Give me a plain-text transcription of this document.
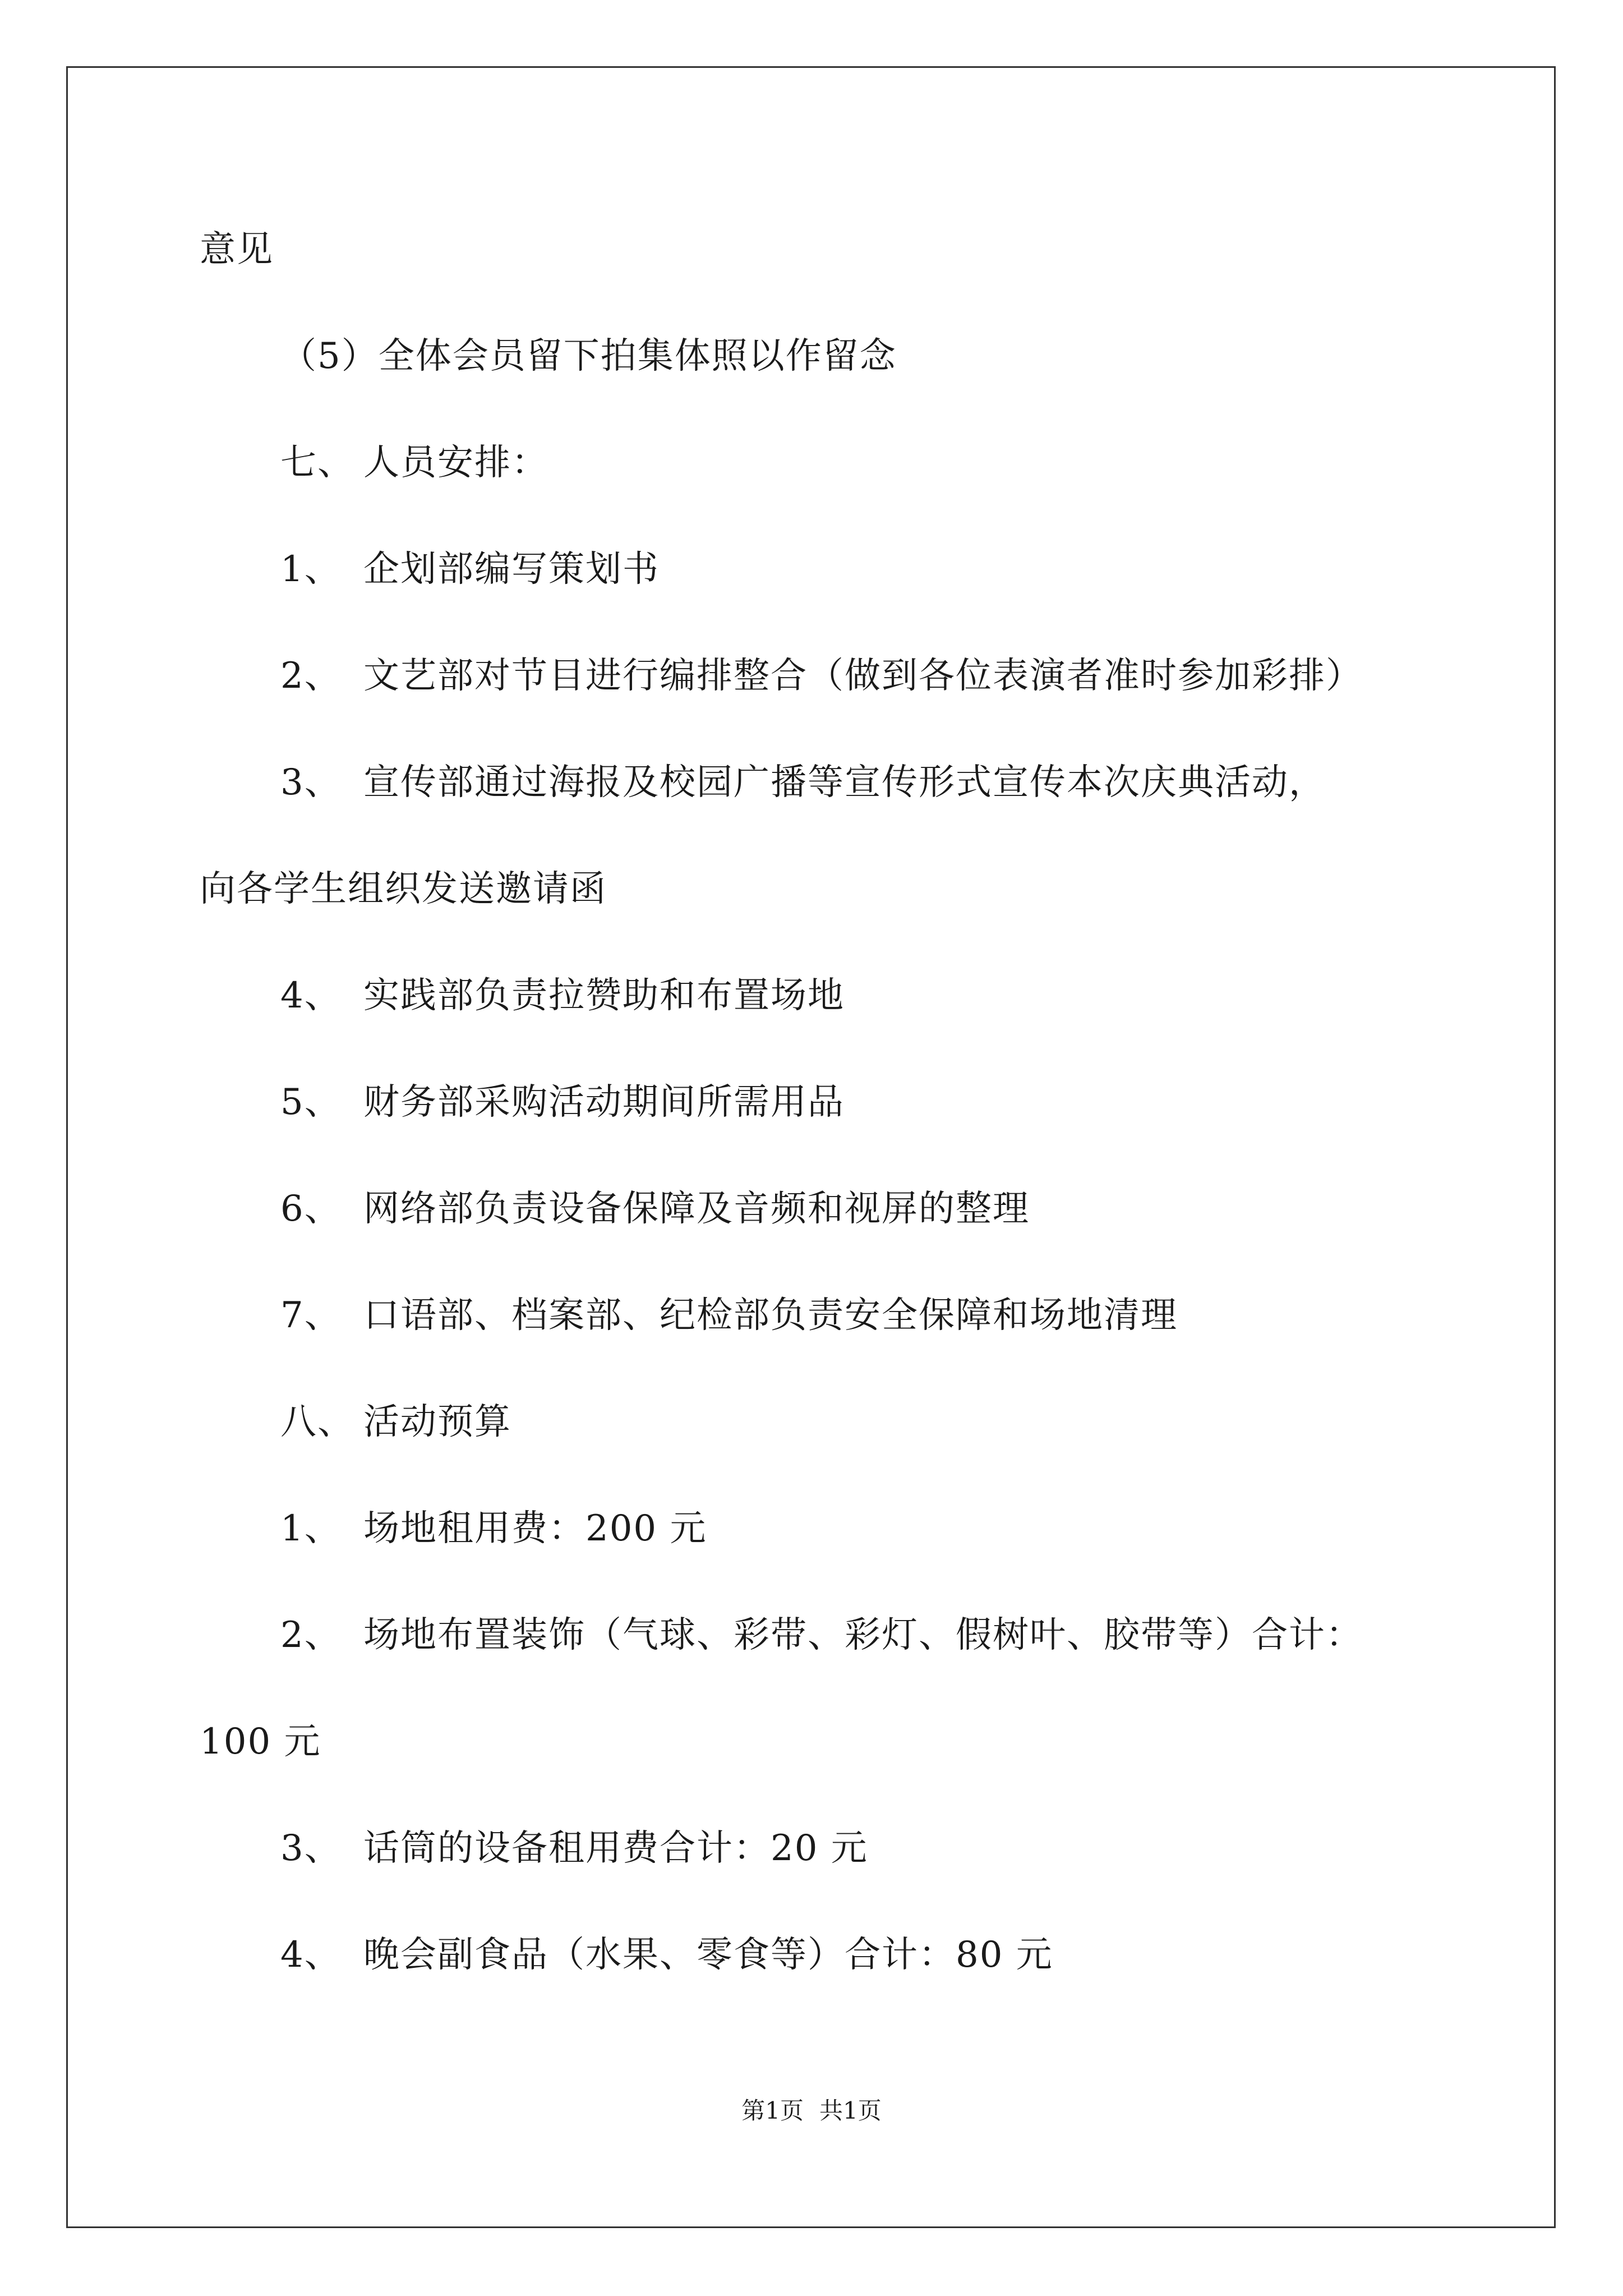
意见
（5）全体会员留下拍集体照以作留念
七、 人员安排：
1、 企划部编写策划书
2、 文艺部对节目进行编排整合（做到各位表演者准时参加彩排）
3、 宣传部通过海报及校园广播等宣传形式宣传本次庆典活动，
向各学生组织发送邀请函
4、 实践部负责拉赞助和布置场地
5、 财务部采购活动期间所需用品
6、 网络部负责设备保障及音频和视屏的整理
7、 口语部、档案部、纪检部负责安全保障和场地清理
八、 活动预算
1、 场地租用费：200 元
2、 场地布置装饰（气球、彩带、彩灯、假树叶、胶带等）合计：
100 元
3、 话筒的设备租用费合计：20 元
4、 晚会副食品（水果、零食等）合计：80 元
第1页 共1页
